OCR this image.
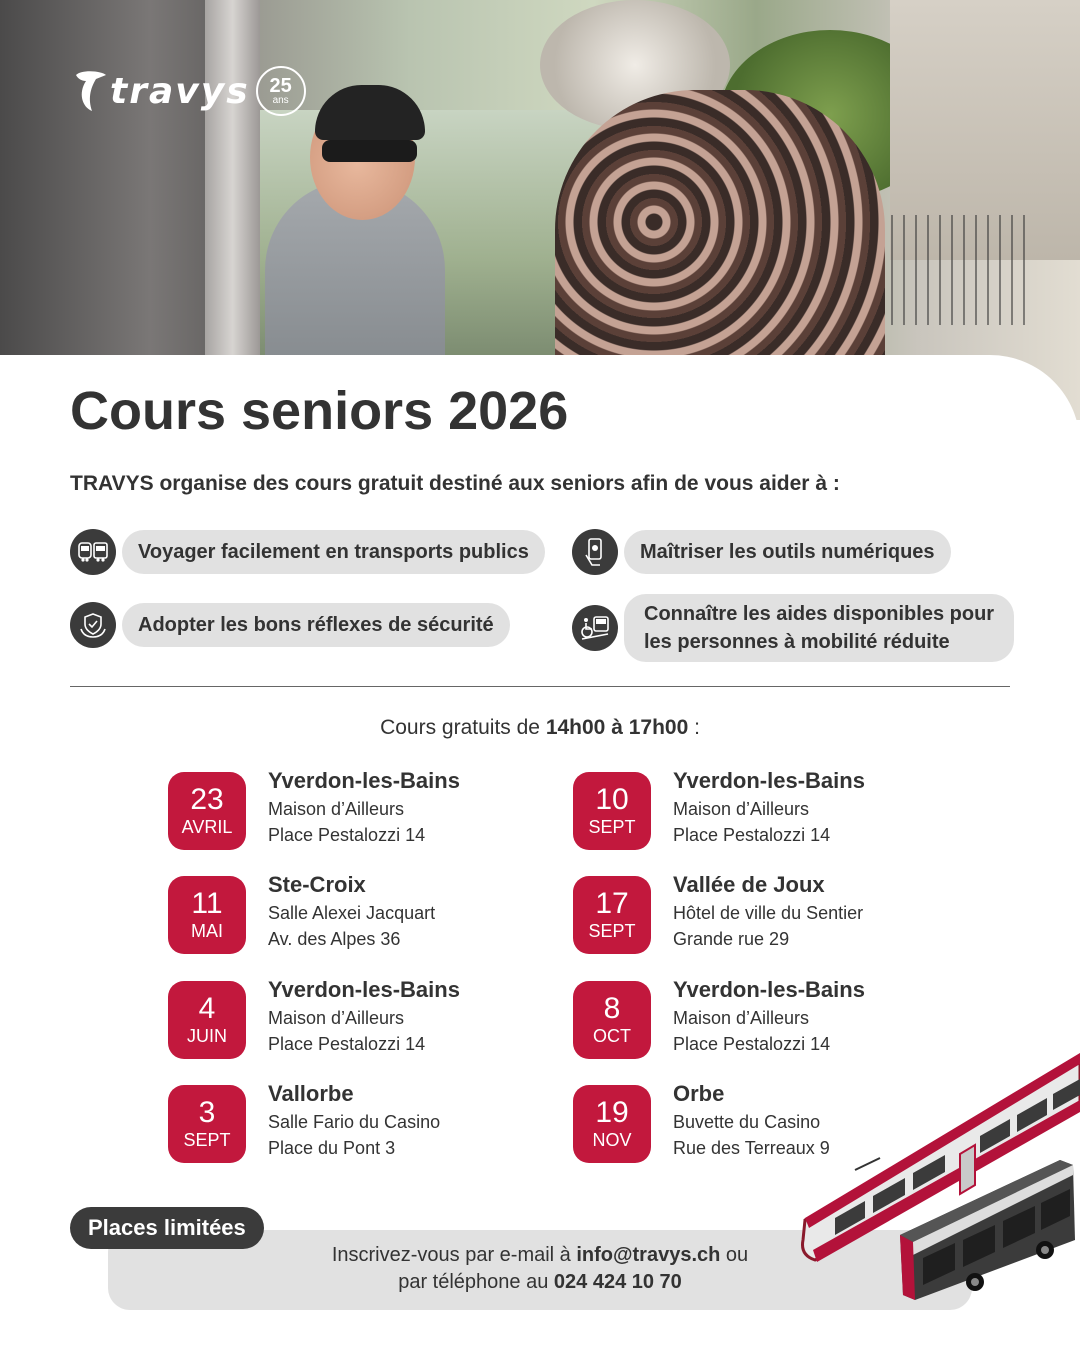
travys 25
ans
Cours seniors 2026
TRAVYS organise des cours gratuit destiné aux seniors afin de vous aider à :
Voyager facilement en transports publics	Maîtriser les outils numériques
Adopter les bons réflexes de sécurité	Connaître les aides disponibles pour
les personnes à mobilité réduite
Cours gratuits de 14h00 à 17h00 :
23
AVRIL
Yverdon-les-Bains
Maison d’Ailleurs
Place Pestalozzi 14
11
MAI
Ste-Croix
Salle Alexei Jacquart
Av. des Alpes 36
4
JUIN
Yverdon-les-Bains
Maison d’Ailleurs
Place Pestalozzi 14
3
SEPT
Vallorbe
Salle Fario du Casino
Place du Pont 3
10
SEPT
Yverdon-les-Bains
Maison d’Ailleurs
Place Pestalozzi 14
17
SEPT
Vallée de Joux
Hôtel de ville du Sentier
Grande rue 29
8
OCT
Yverdon-les-Bains
Maison d’Ailleurs
Place Pestalozzi 14
19
NOV
Orbe
Buvette du Casino
Rue des Terreaux 9
Inscrivez-vous par e-mail à info@travys.ch ou
par téléphone au 024 424 10 70
Places limitées
